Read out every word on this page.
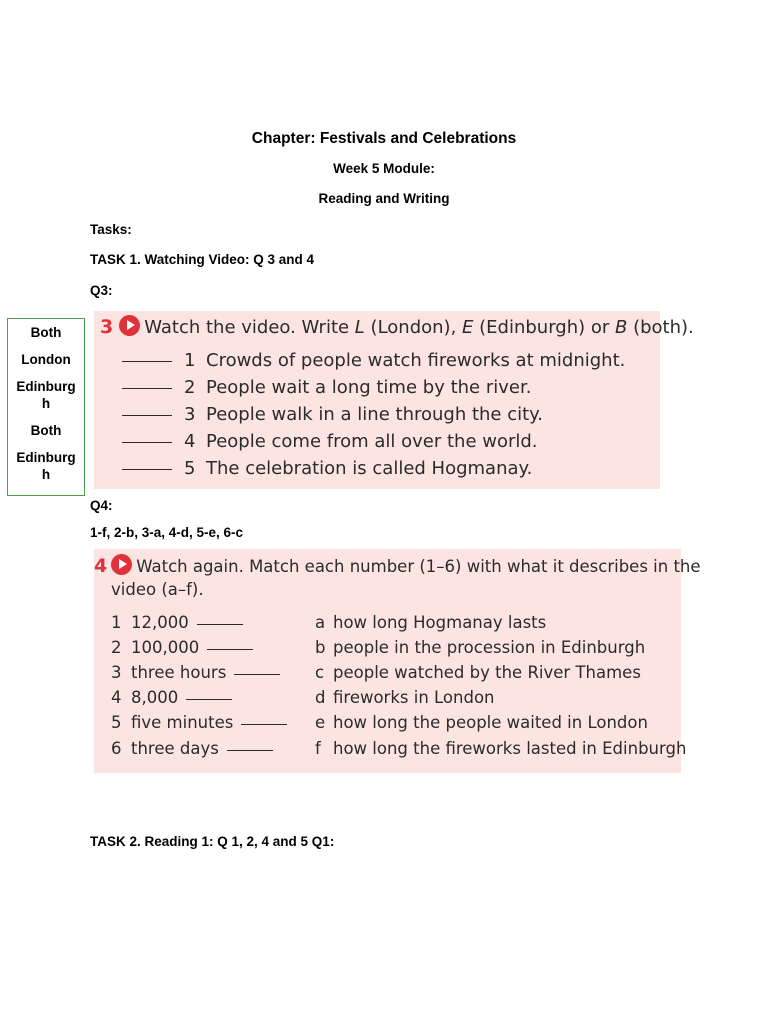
Chapter: Festivals and Celebrations
Week 5 Module:
Reading and Writing
Tasks:
TASK 1. Watching Video: Q 3 and 4
Q3:
Both
London
Edinburg h
Both
Edinburg h
3 Watch the video. Write L (London), E (Edinburgh) or B (both).
1 Crowds of people watch fireworks at midnight.
2 People wait a long time by the river.
3 People walk in a line through the city.
4 People come from all over the world.
5 The celebration is called Hogmanay.
Q4:
1-f, 2-b, 3-a, 4-d, 5-e, 6-c
4 Watch again. Match each number (1–6) with what it describes in the
video (a–f).
1 12,000
2 100,000
3 three hours
4 8,000
5 five minutes
6 three days
a how long Hogmanay lasts
b people in the procession in Edinburgh
c people watched by the River Thames
d fireworks in London
e how long the people waited in London
f how long the fireworks lasted in Edinburgh
TASK 2. Reading 1: Q 1, 2, 4 and 5 Q1:
